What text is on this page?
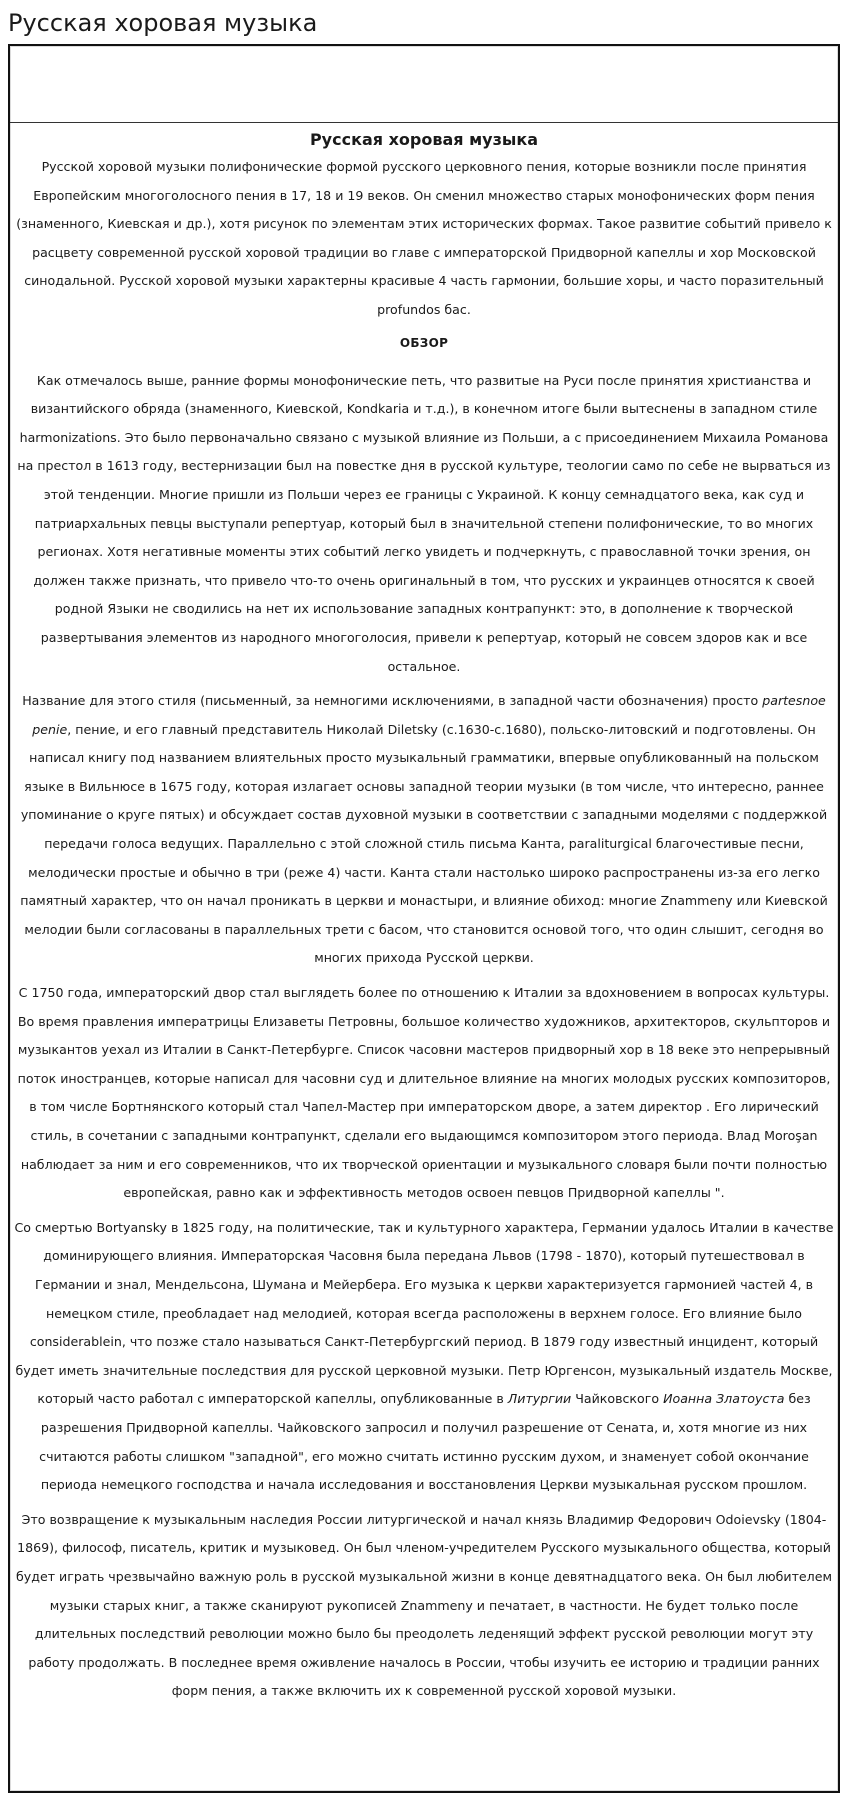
Русская хоровая музыка
Русская хоровая музыка

Русской хоровой музыки полифонические формой русского церковного пения, которые возникли после принятия Европейским многоголосного пения в 17, 18 и 19 веков. Он сменил множество старых монофонических форм пения (знаменного, Киевская и др.), хотя рисунок по элементам этих исторических формах. Такое развитие событий привело к расцвету современной русской хоровой традиции во главе с императорской Придворной капеллы и хор Московской синодальной. Русской хоровой музыки характерны красивые 4 часть гармонии, большие хоры, и часто поразительный profundos бас.

ОБЗОР

Как отмечалось выше, ранние формы монофонические петь, что развитые на Руси после принятия христианства и византийского обряда (знаменного, Киевской, Kondkaria и т.д.), в конечном итоге были вытеснены в западном стиле harmonizations. Это было первоначально связано с музыкой влияние из Польши, а с присоединением Михаила Романова на престол в 1613 году, вестернизации был на повестке дня в русской культуре, теологии само по себе не вырваться из этой тенденции. Многие пришли из Польши через ее границы с Украиной. К концу семнадцатого века, как суд и патриархальных певцы выступали репертуар, который был в значительной степени полифонические, то во многих регионах. Хотя негативные моменты этих событий легко увидеть и подчеркнуть, с православной точки зрения, он должен также признать, что привело что-то очень оригинальный в том, что русских и украинцев относятся к своей родной Языки не сводились на нет их использование западных контрапункт: это, в дополнение к творческой развертывания элементов из народного многоголосия, привели к репертуар, который не совсем здоров как и все остальное.

Название для этого стиля (письменный, за немногими исключениями, в западной части обозначения) просто partesnoe penie, пение, и его главный представитель Николай Diletsky (c.1630-c.1680), польско-литовский и подготовлены. Он написал книгу под названием влиятельных просто музыкальный грамматики, впервые опубликованный на польском языке в Вильнюсе в 1675 году, которая излагает основы западной теории музыки (в том числе, что интересно, раннее упоминание о круге пятых) и обсуждает состав духовной музыки в соответствии с западными моделями с поддержкой передачи голоса ведущих. Параллельно с этой сложной стиль письма Канта, paraliturgical благочестивые песни, мелодически простые и обычно в три (реже 4) части. Канта стали настолько широко распространены из-за его легко памятный характер, что он начал проникать в церкви и монастыри, и влияние обиход: многие Znammeny или Киевской мелодии были согласованы в параллельных трети с басом, что становится основой того, что один слышит, сегодня во многих прихода Русской церкви.

С 1750 года, императорский двор стал выглядеть более по отношению к Италии за вдохновением в вопросах культуры. Во время правления императрицы Елизаветы Петровны, большое количество художников, архитекторов, скульпторов и музыкантов уехал из Италии в Санкт-Петербурге. Список часовни мастеров придворный хор в 18 веке это непрерывный поток иностранцев, которые написал для часовни суд и длительное влияние на многих молодых русских композиторов, в том числе Бортнянского который стал Чапел-Мастер при императорском дворе, а затем директор . Его лирический стиль, в сочетании с западными контрапункт, сделали его выдающимся композитором этого периода. Влад Moroşan наблюдает за ним и его современников, что их творческой ориентации и музыкального словаря были почти полностью европейская, равно как и эффективность методов освоен певцов Придворной капеллы ".

Со смертью Bortyansky в 1825 году, на политические, так и культурного характера, Германии удалось Италии в качестве доминирующего влияния. Императорская Часовня была передана Львов (1798 - 1870), который путешествовал в Германии и знал, Мендельсона, Шумана и Мейербера. Его музыка к церкви характеризуется гармонией частей 4, в немецком стиле, преобладает над мелодией, которая всегда расположены в верхнем голосе. Его влияние было considerablein, что позже стало называться Санкт-Петербургский период. В 1879 году известный инцидент, который будет иметь значительные последствия для русской церковной музыки. Петр Юргенсон, музыкальный издатель Москве, который часто работал с императорской капеллы, опубликованные в Литургии Чайковского Иоанна Златоуста без разрешения Придворной капеллы. Чайковского запросил и получил разрешение от Сената, и, хотя многие из них считаются работы слишком "западной", его можно считать истинно русским духом, и знаменует собой окончание периода немецкого господства и начала исследования и восстановления Церкви музыкальная русском прошлом.

Это возвращение к музыкальным наследия России литургической и начал князь Владимир Федорович Odoievsky (1804-1869), философ, писатель, критик и музыковед. Он был членом-учредителем Русского музыкального общества, который будет играть чрезвычайно важную роль в русской музыкальной жизни в конце девятнадцатого века. Он был любителем музыки старых книг, а также сканируют рукописей Znammeny и печатает, в частности. Не будет только после длительных последствий революции можно было бы преодолеть леденящий эффект русской революции могут эту работу продолжать. В последнее время оживление началось в России, чтобы изучить ее историю и традиции ранних форм пения, а также включить их к современной русской хоровой музыки.
